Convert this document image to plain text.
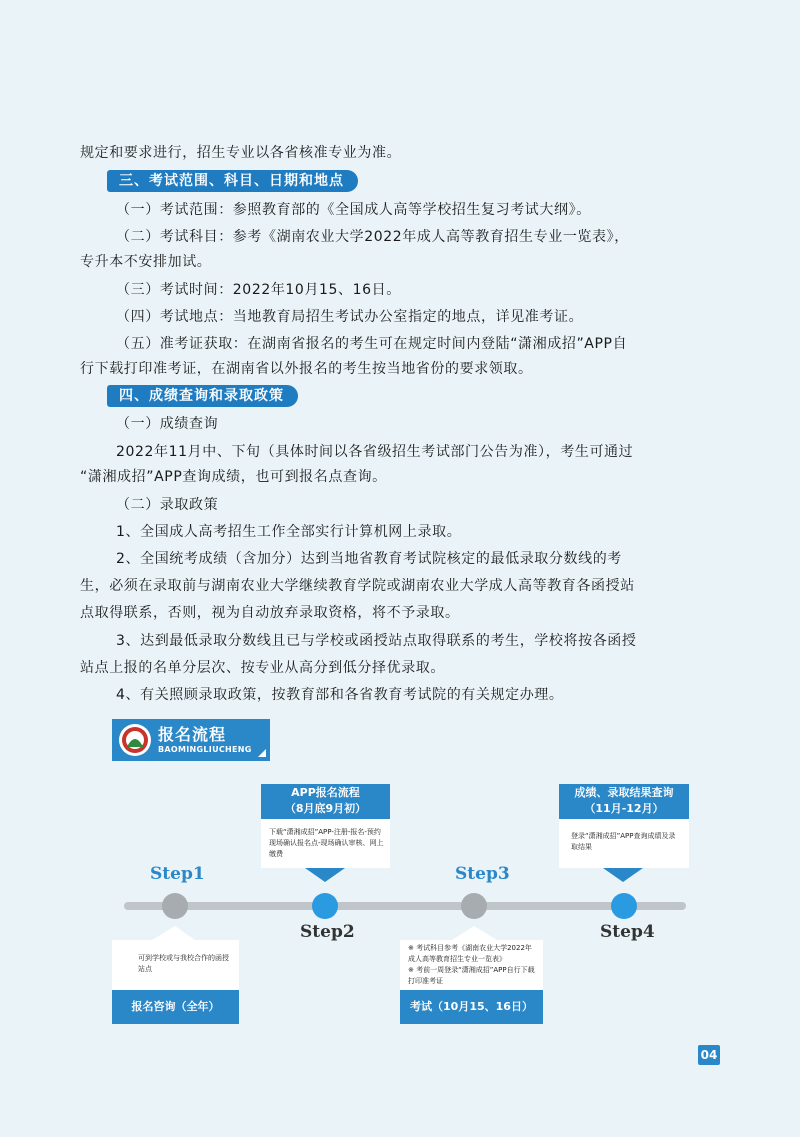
规定和要求进行，招生专业以各省核准专业为准。
三、考试范围、科目、日期和地点
（一）考试范围：参照教育部的《全国成人高等学校招生复习考试大纲》。
（二）考试科目：参考《湖南农业大学2022年成人高等教育招生专业一览表》，
专升本不安排加试。
（三）考试时间：2022年10月15、16日。
（四）考试地点：当地教育局招生考试办公室指定的地点，详见准考证。
（五）准考证获取：在湖南省报名的考生可在规定时间内登陆“潇湘成招”APP自
行下载打印准考证，在湖南省以外报名的考生按当地省份的要求领取。
四、成绩查询和录取政策
（一）成绩查询
2022年11月中、下旬（具体时间以各省级招生考试部门公告为准），考生可通过
“潇湘成招”APP查询成绩，也可到报名点查询。
（二）录取政策
1、全国成人高考招生工作全部实行计算机网上录取。
2、全国统考成绩（含加分）达到当地省教育考试院核定的最低录取分数线的考
生，必须在录取前与湖南农业大学继续教育学院或湖南农业大学成人高等教育各函授站
点取得联系，否则，视为自动放弃录取资格，将不予录取。
3、达到最低录取分数线且已与学校或函授站点取得联系的考生，学校将按各函授
站点上报的名单分层次、按专业从高分到低分择优录取。
4、有关照顾录取政策，按教育部和各省教育考试院的有关规定办理。
报名流程
BAOMINGLIUCHENG
Step1
可到学校或与我校合作的函授站点
报名咨询（全年）
APP报名流程
（8月底9月初）
下载“潇湘成招”APP-注册-报名-预约现场确认报名点-现场确认审核、网上缴费
Step2
Step3
※ 考试科目参考《湖南农业大学2022年成人高等教育招生专业一览表》
※ 考前一周登录“潇湘成招”APP自行下载打印准考证
考试（10月15、16日）
成绩、录取结果查询
（11月-12月）
登录“潇湘成招”APP查询成绩及录取结果
Step4
04
